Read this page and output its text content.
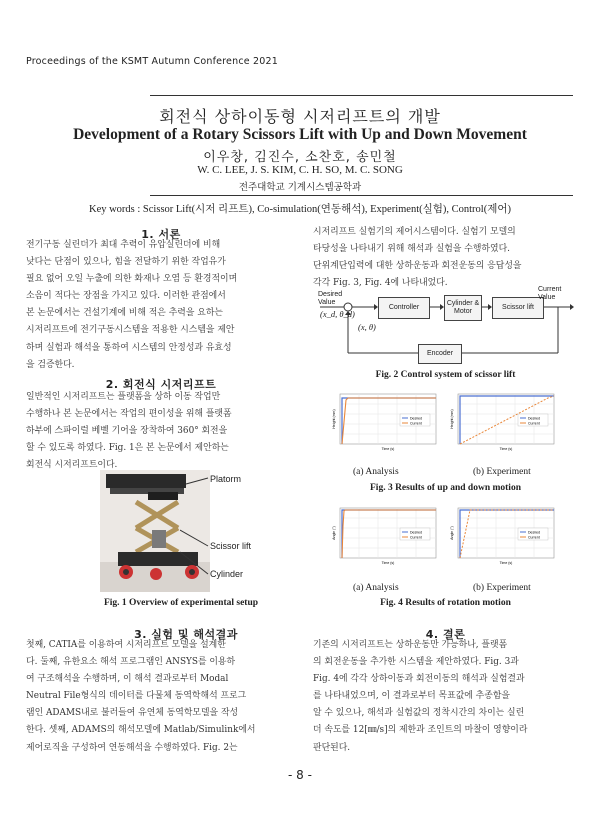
Proceedings of the KSMT Autumn Conference 2021
회전식 상하이동형 시저리프트의 개발
Development of a Rotary Scissors Lift with Up and Down Movement
이우창, 김진수, 소찬호, 송민철
W. C. LEE, J. S. KIM, C. H. SO, M. C. SONG
전주대학교 기계시스템공학과
Key words : Scissor Lift(시저 리프트), Co-simulation(연동해석), Experiment(실험), Control(제어)
1. 서론
전기구동 실린더가 최대 추력이 유압실린더에 비해
낮다는 단점이 있으나, 힘을 전달하기 위한 작업유가
필요 없어 오일 누출에 의한 화재나 오염 등 환경적이며
소음이 적다는 장점을 가지고 있다. 이러한 관점에서
본 논문에서는 건설기계에 비해 적은 추력을 요하는
시저리프트에 전기구동시스템을 적용한 시스템을 제안
하며 실험과 해석을 통하여 시스템의 안정성과 유효성
을 검증한다.
2. 회전식 시저리프트
일반적인 시저리프트는 플랫폼을 상하 이동 작업만
수행하나 본 논문에서는 작업의 편이성을 위해 플랫폼
하부에 스파이럴 베벨 기어을 장착하여 360° 회전을
할 수 있도록 하였다. Fig. 1은 본 논문에서 제안하는
회전식 시저리프트이다.
Platorm
Scissor lift
Cylinder
Fig. 1 Overview of experimental setup
3. 실험 및 해석결과
첫째, CATIA를 이용하여 시저리프트 모델을 설계한
다. 둘째, 유한요소 해석 프로그램인 ANSYS를 이용하
여 구조해석을 수행하며, 이 해석 결과로부터 Modal
Neutral File형식의 데이터를 다물체 동역학해석 프로그
램인 ADAMS내로 불러들여 유연체 동역학모델을 작성
한다. 셋째, ADAMS의 해석모델에 Matlab/Simulink에서
제어로직을 구성하여 연동해석을 수행하였다. Fig. 2는
시저리프트 실험기의 제어시스템이다. 실험기 모델의
타당성을 나타내기 위해 해석과 실험을 수행하였다.
단위계단입력에 대한 상하운동과 회전운동의 응답성을
각각 Fig. 3, Fig. 4에 나타내었다.
Controller
Cylinder &
Motor
Scissor lift
Encoder
Desired
Value
Current
Value
(x_d, θ_d)
(x, θ)
Fig. 2 Control system of scissor lift
Desired
Current
Time (s)
Height (mm)	Desired
Current
Time (s)
Height (mm)
(a) Analysis	(b) Experiment
Fig. 3 Results of up and down motion
Desired
Current
Time (s)
Angle (°)	Desired
Current
Time (s)
Angle (°)
(a) Analysis	(b) Experiment
Fig. 4 Results of rotation motion
4. 결론
기존의 시저리프트는 상하운동만 가능하나, 플랫폼
의 회전운동을 추가한 시스템을 제안하였다. Fig. 3과
Fig. 4에 각각 상하이동과 회전이동의 해석과 실험결과
를 나타내었으며, 이 결과로부터 목표값에 추종함을
알 수 있으나, 해석과 실험값의 정착시간의 차이는 실린
더 속도를 12[㎜/s]의 제한과 조인트의 마찰이 영향이라
판단된다.
- 8 -
